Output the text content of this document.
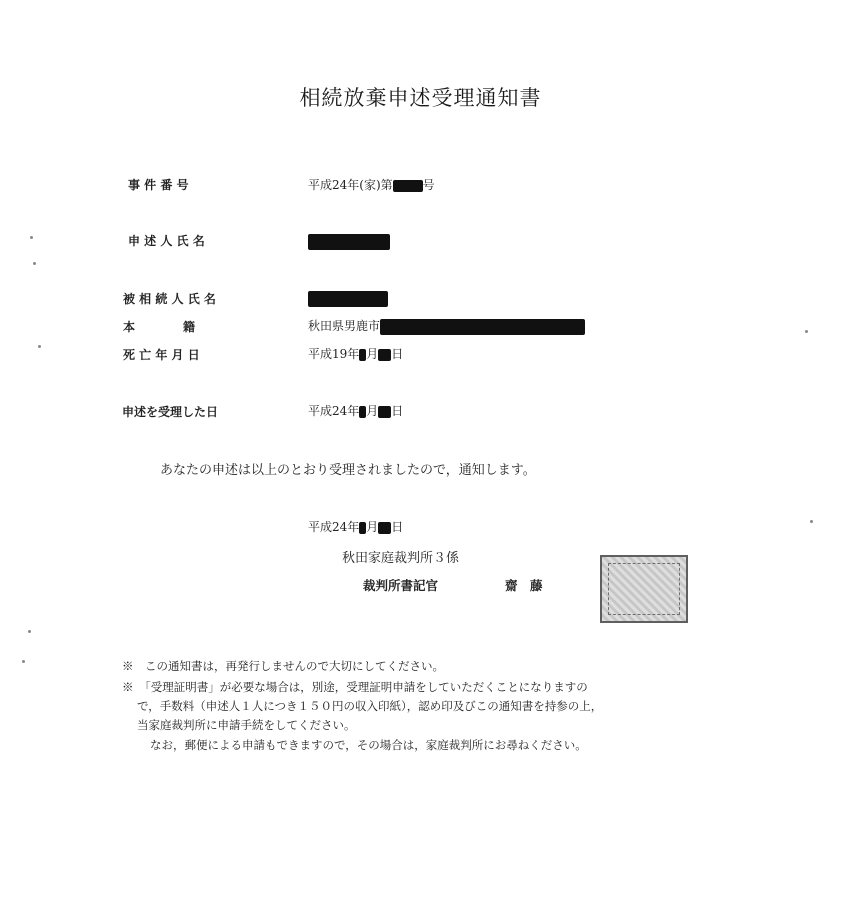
相続放棄申述受理通知書
事 件 番 号	平成24年(家)第	号
申 述 人 氏 名
被 相 続 人 氏 名
本　　　　籍	秋田県男鹿市
死 亡 年 月 日	平成19年 月 日
申述を受理した日	平成24年 月 日
あなたの申述は以上のとおり受理されましたので，通知します。
平成24年 月 日
秋田家庭裁判所３係
裁判所書記官	齋　藤
※　この通知書は，再発行しませんので大切にしてください。
※　「受理証明書」が必要な場合は，別途，受理証明申請をしていただくことになりますの
で，手数料（申述人１人につき１５０円の収入印紙），認め印及びこの通知書を持参の上，
当家庭裁判所に申請手続をしてください。
なお，郵便による申請もできますので，その場合は，家庭裁判所にお尋ねください。
